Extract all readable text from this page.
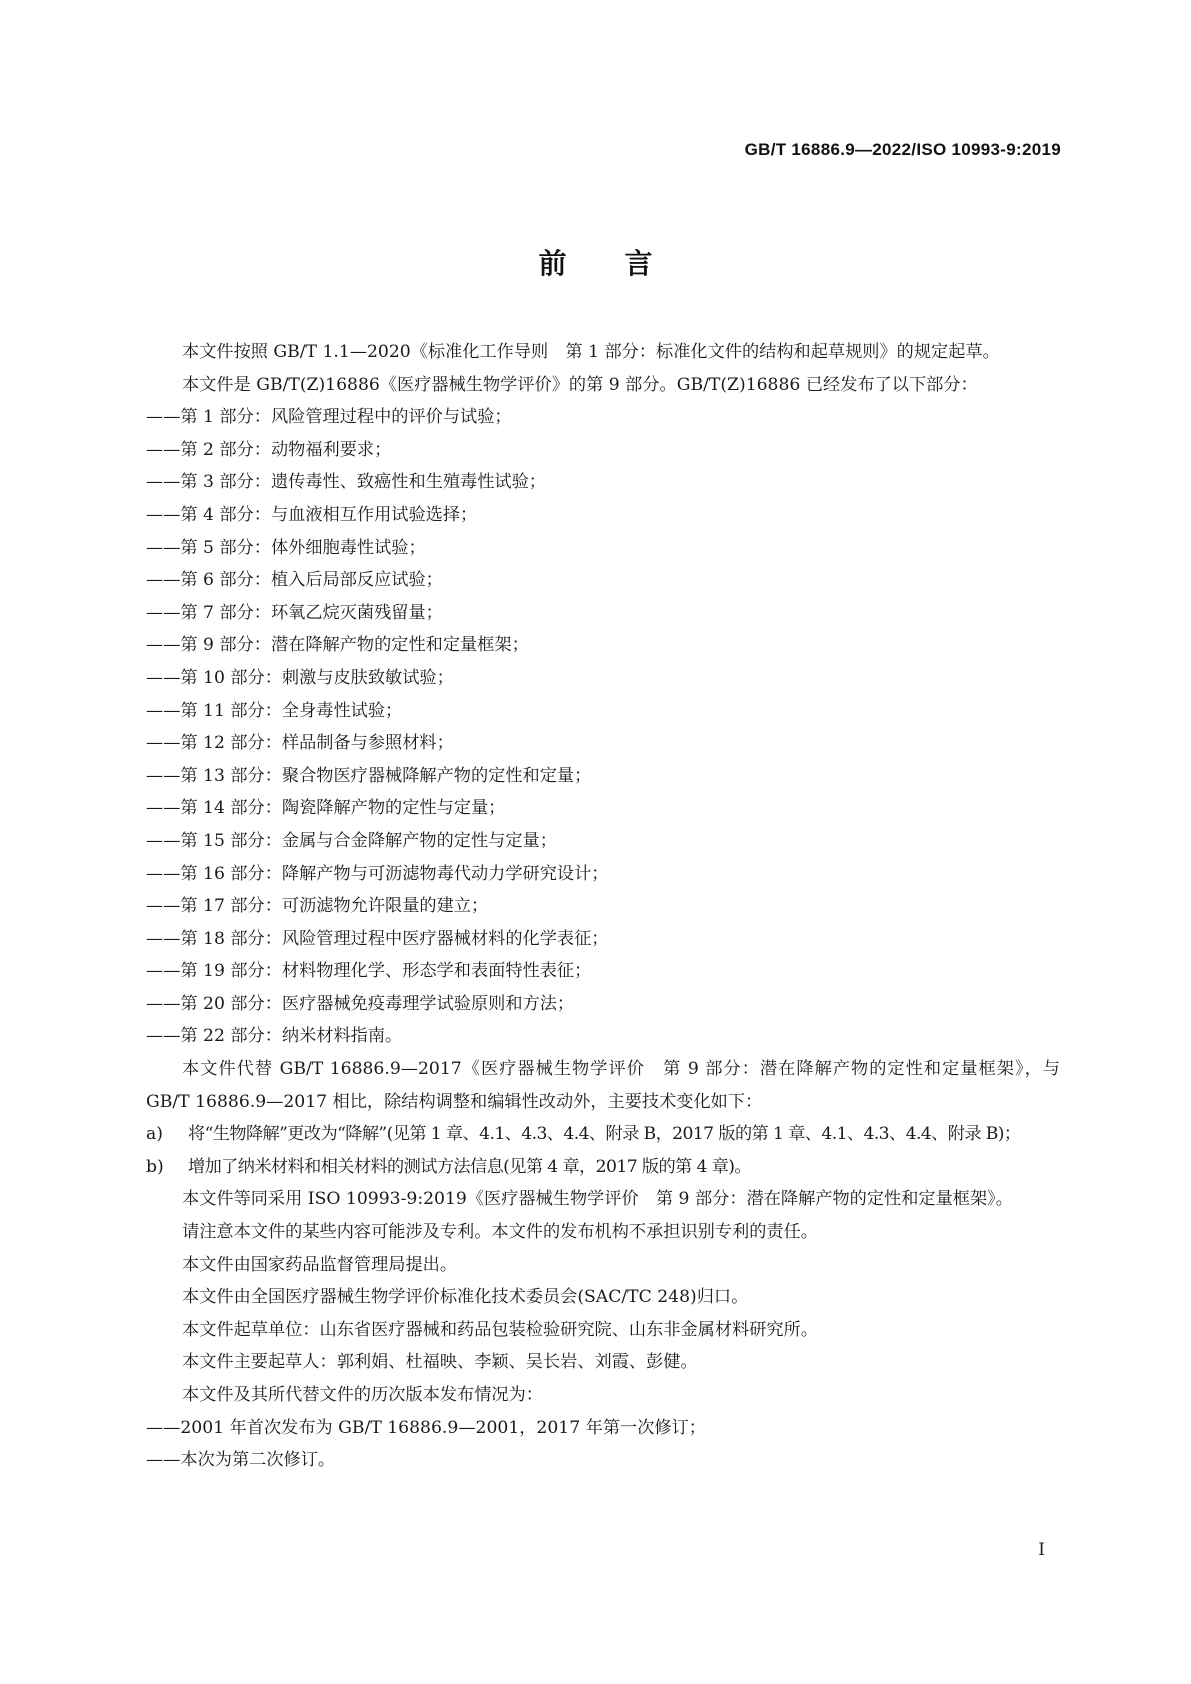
GB/T 16886.9—2022/ISO 10993-9:2019
前言

本文件按照 GB/T 1.1—2020《标准化工作导则　第 1 部分：标准化文件的结构和起草规则》的规定起草。

本文件是 GB/T(Z)16886《医疗器械生物学评价》的第 9 部分。GB/T(Z)16886 已经发布了以下部分：

——第 1 部分：风险管理过程中的评价与试验；

——第 2 部分：动物福利要求；

——第 3 部分：遗传毒性、致癌性和生殖毒性试验；

——第 4 部分：与血液相互作用试验选择；

——第 5 部分：体外细胞毒性试验；

——第 6 部分：植入后局部反应试验；

——第 7 部分：环氧乙烷灭菌残留量；

——第 9 部分：潜在降解产物的定性和定量框架；

——第 10 部分：刺激与皮肤致敏试验；

——第 11 部分：全身毒性试验；

——第 12 部分：样品制备与参照材料；

——第 13 部分：聚合物医疗器械降解产物的定性和定量；

——第 14 部分：陶瓷降解产物的定性与定量；

——第 15 部分：金属与合金降解产物的定性与定量；

——第 16 部分：降解产物与可沥滤物毒代动力学研究设计；

——第 17 部分：可沥滤物允许限量的建立；

——第 18 部分：风险管理过程中医疗器械材料的化学表征；

——第 19 部分：材料物理化学、形态学和表面特性表征；

——第 20 部分：医疗器械免疫毒理学试验原则和方法；

——第 22 部分：纳米材料指南。

本文件代替 GB/T 16886.9—2017《医疗器械生物学评价　第 9 部分：潜在降解产物的定性和定量框架》，与 GB/T 16886.9—2017 相比，除结构调整和编辑性改动外，主要技术变化如下：

a) 将“生物降解”更改为“降解”(见第 1 章、4.1、4.3、4.4、附录 B，2017 版的第 1 章、4.1、4.3、4.4、附录 B)；

b) 增加了纳米材料和相关材料的测试方法信息(见第 4 章，2017 版的第 4 章)。

本文件等同采用 ISO 10993-9:2019《医疗器械生物学评价　第 9 部分：潜在降解产物的定性和定量框架》。

请注意本文件的某些内容可能涉及专利。本文件的发布机构不承担识别专利的责任。

本文件由国家药品监督管理局提出。

本文件由全国医疗器械生物学评价标准化技术委员会(SAC/TC 248)归口。

本文件起草单位：山东省医疗器械和药品包装检验研究院、山东非金属材料研究所。

本文件主要起草人：郭利娟、杜福映、李颖、吴长岩、刘霞、彭健。

本文件及其所代替文件的历次版本发布情况为：

——2001 年首次发布为 GB/T 16886.9—2001，2017 年第一次修订；

——本次为第二次修订。

I
